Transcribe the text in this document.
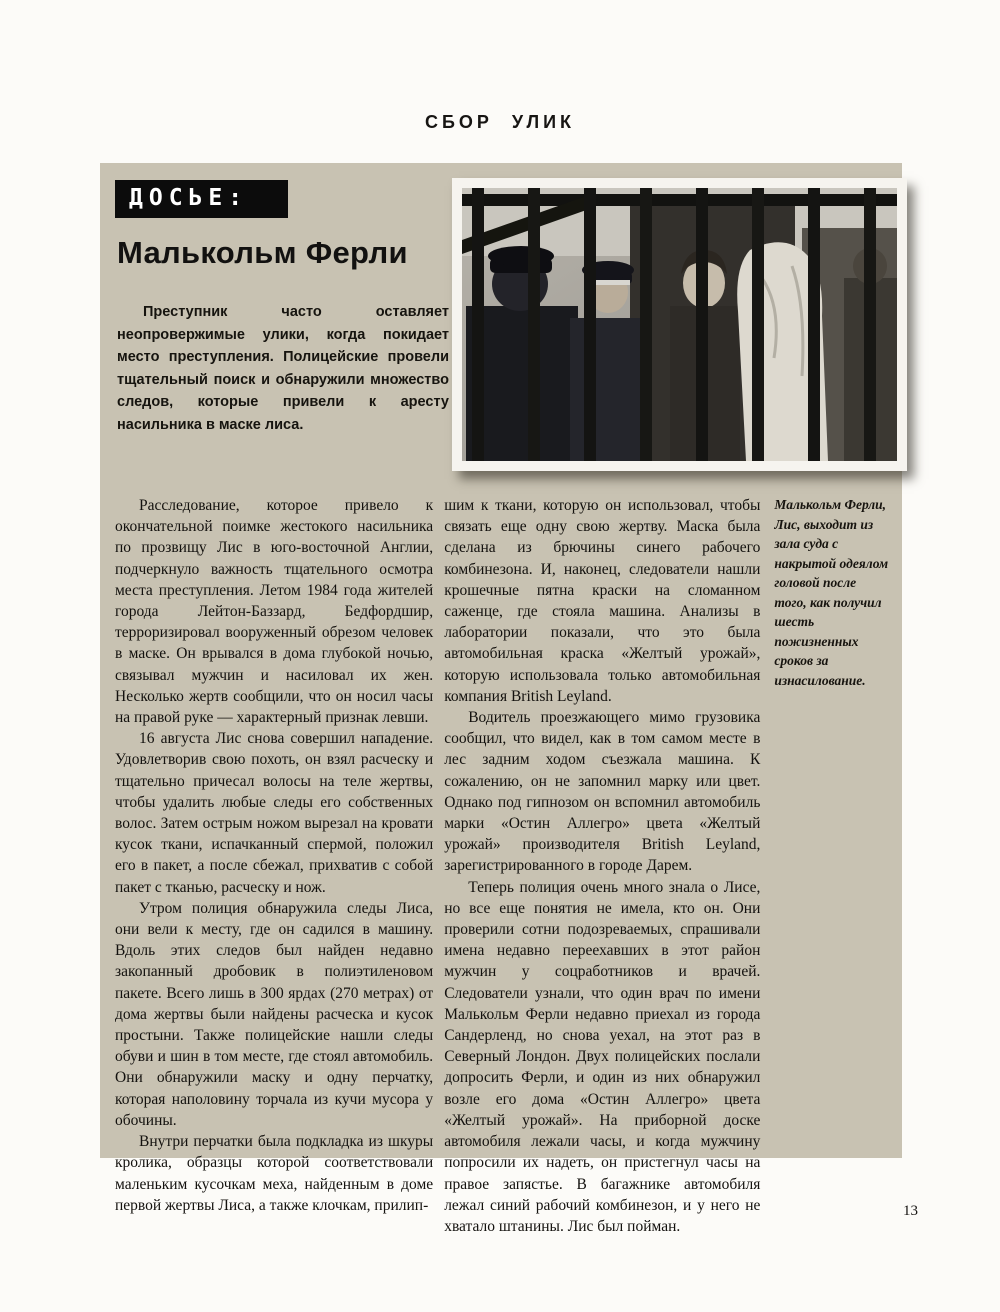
СБОР УЛИК
ДОСЬЕ:
Малькольм Ферли

Преступник часто оставляет неопровержимые улики, когда покидает место преступления. Полицейские провели тщательный поиск и обнаружили множество следов, которые привели к аресту насильника в маске лиса.

Расследование, которое привело к окончательной поимке жестокого насильника по прозвищу Лис в юго-восточной Англии, подчеркнуло важность тщательного осмотра места преступления. Летом 1984 года жителей города Лейтон-Баззард, Бедфордшир, терроризировал вооруженный обрезом человек в маске. Он врывался в дома глубокой ночью, связывал мужчин и насиловал их жен. Несколько жертв сообщили, что он носил часы на правой руке — характерный признак левши.

16 августа Лис снова совершил нападение. Удовлетворив свою похоть, он взял расческу и тщательно причесал волосы на теле жертвы, чтобы удалить любые следы его собственных волос. Затем острым ножом вырезал на кровати кусок ткани, испачканный спермой, положил его в пакет, а после сбежал, прихватив с собой пакет с тканью, расческу и нож.

Утром полиция обнаружила следы Лиса, они вели к месту, где он садился в машину. Вдоль этих следов был найден недавно закопанный дробовик в полиэтиленовом пакете. Всего лишь в 300 ярдах (270 метрах) от дома жертвы были найдены расческа и кусок простыни. Также полицейские нашли следы обуви и шин в том месте, где стоял автомобиль. Они обнаружили маску и одну перчатку, которая наполовину торчала из кучи мусора у обочины.

Внутри перчатки была подкладка из шкуры кролика, образцы которой соответствовали маленьким кусочкам меха, найденным в доме первой жертвы Лиса, а также клочкам, прилип-

шим к ткани, которую он использовал, чтобы связать еще одну свою жертву. Маска была сделана из брючины синего рабочего комбинезона. И, наконец, следователи нашли крошечные пятна краски на сломанном саженце, где стояла машина. Анализы в лаборатории показали, что это была автомобильная краска «Желтый урожай», которую использовала только автомобильная компания British Leyland.

Водитель проезжающего мимо грузовика сообщил, что видел, как в том самом месте в лес задним ходом съезжала машина. К сожалению, он не запомнил марку или цвет. Однако под гипнозом он вспомнил автомобиль марки «Остин Аллегро» цвета «Желтый урожай» производителя British Leyland, зарегистрированного в городе Дарем.

Теперь полиция очень много знала о Лисе, но все еще понятия не имела, кто он. Они проверили сотни подозреваемых, спрашивали имена недавно переехавших в этот район мужчин у соцработников и врачей. Следователи узнали, что один врач по имени Малькольм Ферли недавно приехал из города Сандерленд, но снова уехал, на этот раз в Северный Лондон. Двух полицейских послали допросить Ферли, и один из них обнаружил возле его дома «Остин Аллегро» цвета «Желтый урожай». На приборной доске автомобиля лежали часы, и когда мужчину попросили их надеть, он пристегнул часы на правое запястье. В багажнике автомобиля лежал синий рабочий комбинезон, и у него не хватало штанины. Лис был пойман.

Малькольм Ферли, Лис, выходит из зала суда с накрытой одеялом головой после того, как получил шесть пожизненных сроков за изнасилование.
13
